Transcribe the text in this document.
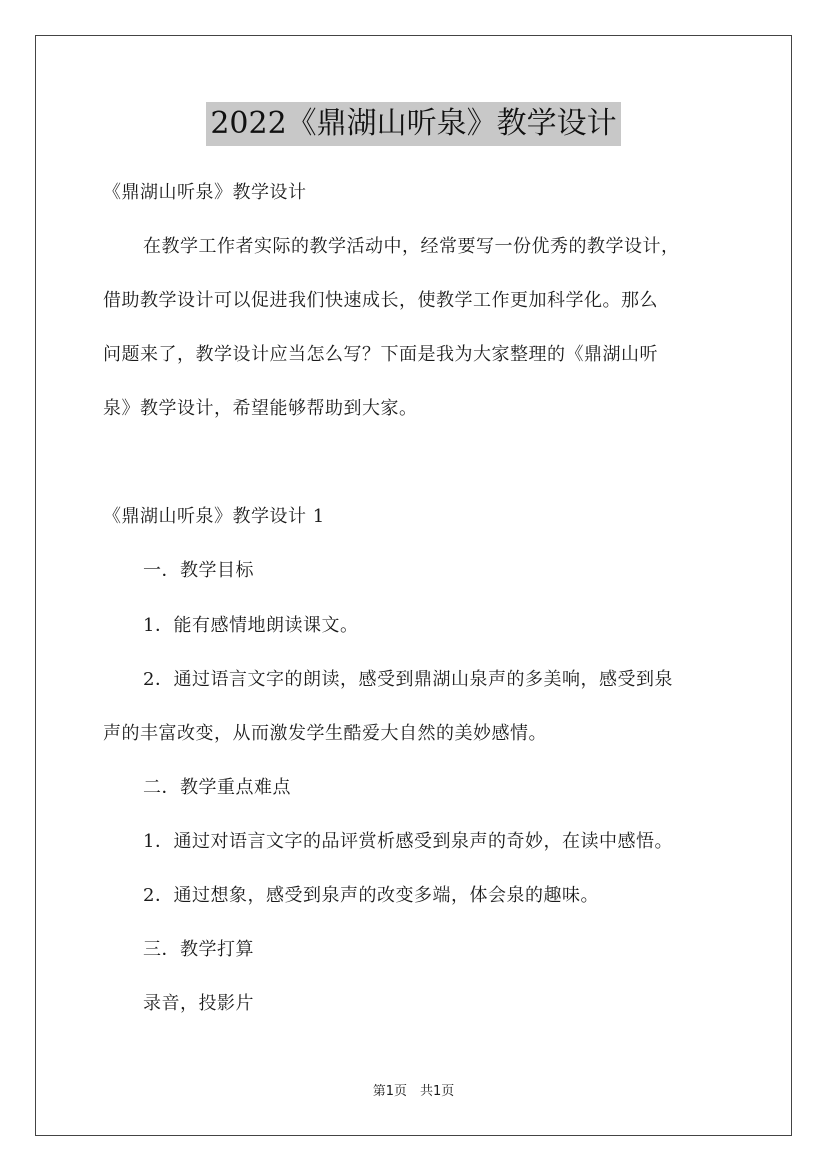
2022《鼎湖山听泉》教学设计
《鼎湖山听泉》教学设计
在教学工作者实际的教学活动中，经常要写一份优秀的教学设计，
借助教学设计可以促进我们快速成长，使教学工作更加科学化。那么
问题来了，教学设计应当怎么写？下面是我为大家整理的《鼎湖山听
泉》教学设计，希望能够帮助到大家。
《鼎湖山听泉》教学设计 1
一．教学目标
1．能有感情地朗读课文。
2．通过语言文字的朗读，感受到鼎湖山泉声的多美响，感受到泉
声的丰富改变，从而激发学生酷爱大自然的美妙感情。
二．教学重点难点
1．通过对语言文字的品评赏析感受到泉声的奇妙，在读中感悟。
2．通过想象，感受到泉声的改变多端，体会泉的趣味。
三．教学打算
录音，投影片
第1页　共1页
